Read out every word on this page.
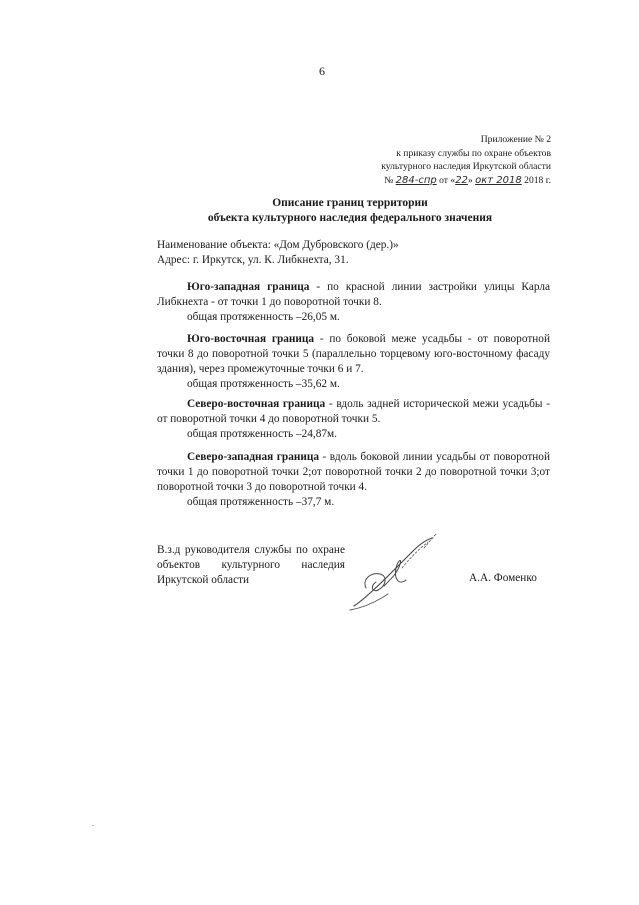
6
Приложение № 2
к приказу службы по охране объектов
культурного наследия Иркутской области
№ 284-спр от «22» окт 2018 2018 г.
Описание границ территории
объекта культурного наследия федерального значения
Наименование объекта: «Дом Дубровского (дер.)»
Адрес: г. Иркутск, ул. К. Либкнехта, 31.

Юго-западная граница - по красной линии застройки улицы Карла Либкнехта - от точки 1 до поворотной точки 8.

общая протяженность –26,05 м.

Юго-восточная граница - по боковой меже усадьбы - от поворотной точки 8 до поворотной точки 5 (параллельно торцевому юго-восточному фасаду здания), через промежуточные точки 6 и 7.

общая протяженность –35,62 м.

Северо-восточная граница - вдоль задней исторической межи усадьбы - от поворотной точки 4 до поворотной точки 5.

общая протяженность –24,87м.

Северо-западная граница - вдоль боковой линии усадьбы от поворотной точки 1 до поворотной точки 2;от поворотной точки 2 до поворотной точки 3;от поворотной точки 3 до поворотной точки 4.

общая протяженность –37,7 м.

В.з.д руководителя службы по охране объектов культурного наследия Иркутской области	А.А. Фоменко
